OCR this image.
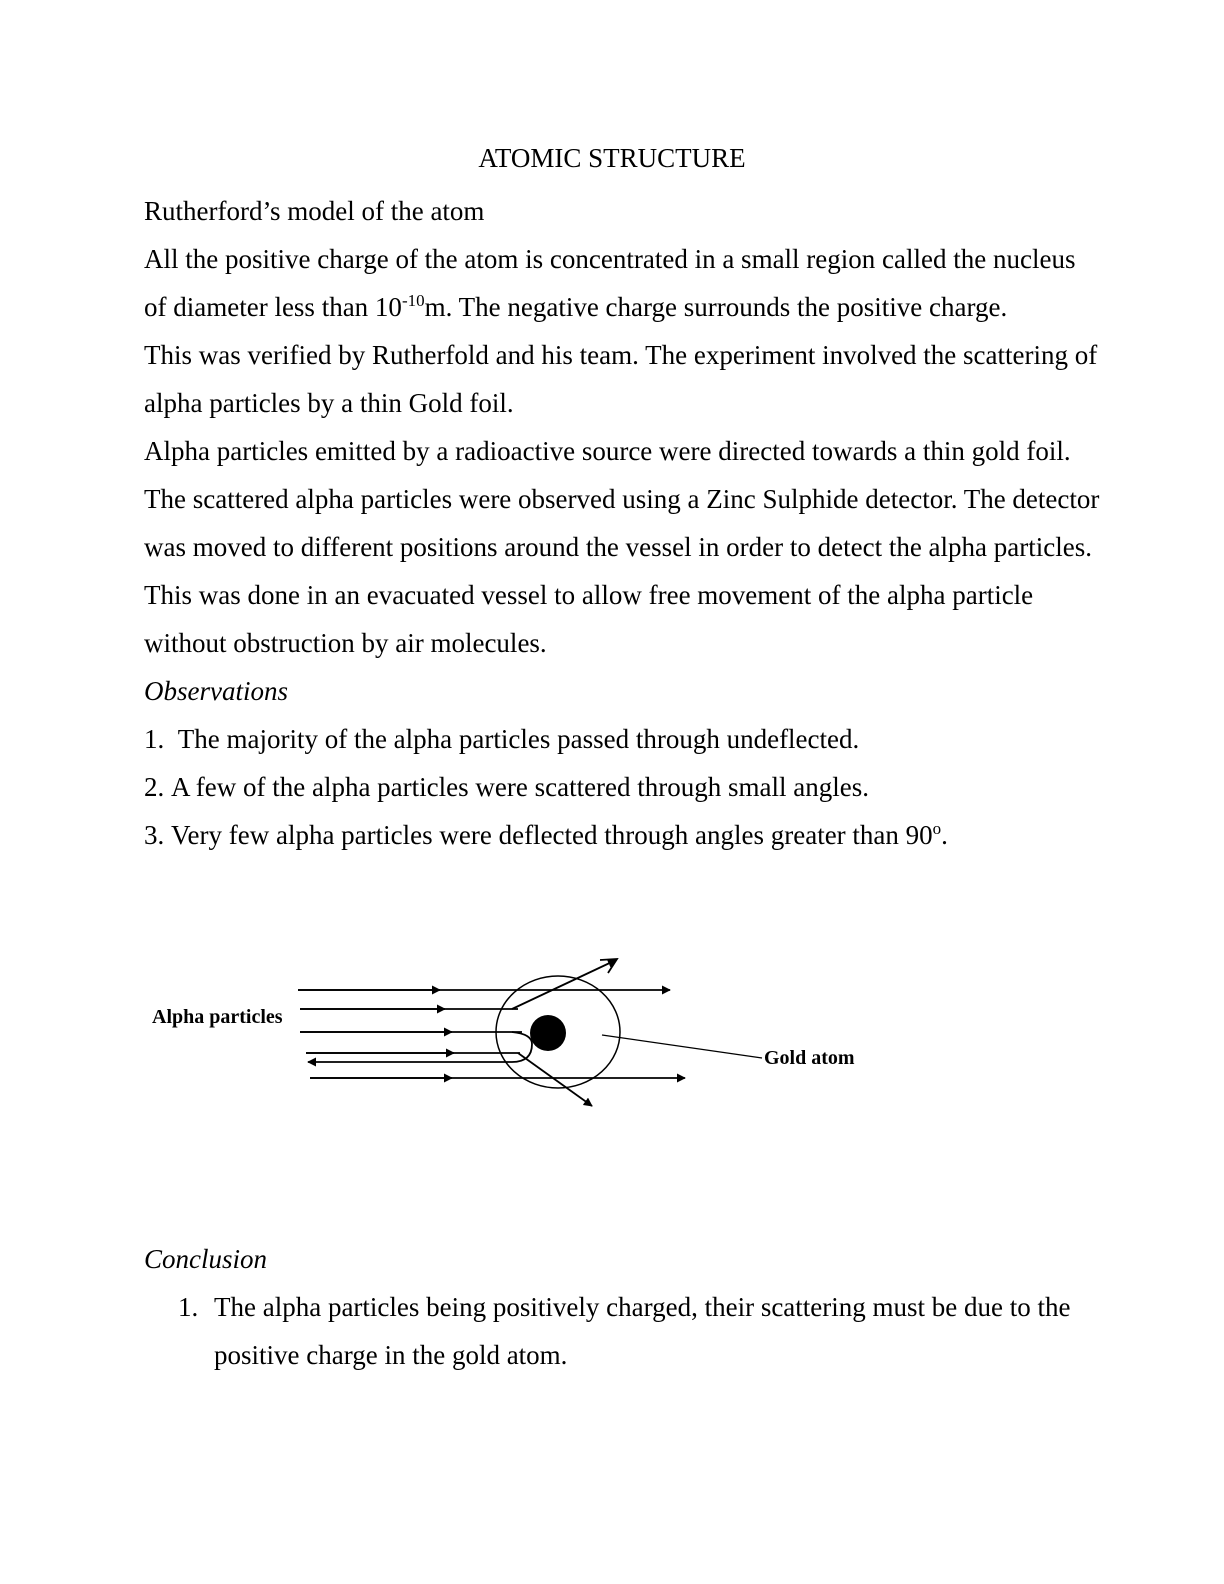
ATOMIC STRUCTURE

Rutherford’s model of the atom

All the positive charge of the atom is concentrated in a small region called the nucleus of diameter less than $10^{-10}m$. The negative charge surrounds the positive charge.

This was verified by Rutherfold and his team. The experiment involved the scattering of alpha particles by a thin Gold foil.

Alpha particles emitted by a radioactive source were directed towards a thin gold foil. The scattered alpha particles were observed using a Zinc Sulphide detector. The detector was moved to different positions around the vessel in order to detect the alpha particles. This was done in an evacuated vessel to allow free movement of the alpha particle without obstruction by air molecules.

Observations

1. The majority of the alpha particles passed through undeflected.
2. A few of the alpha particles were scattered through small angles.
3. Very few alpha particles were deflected through angles greater than 90$^o$.
Alpha particles
Gold atom
Conclusion
1. The alpha particles being positively charged, their scattering must be due to the positive charge in the gold atom.
